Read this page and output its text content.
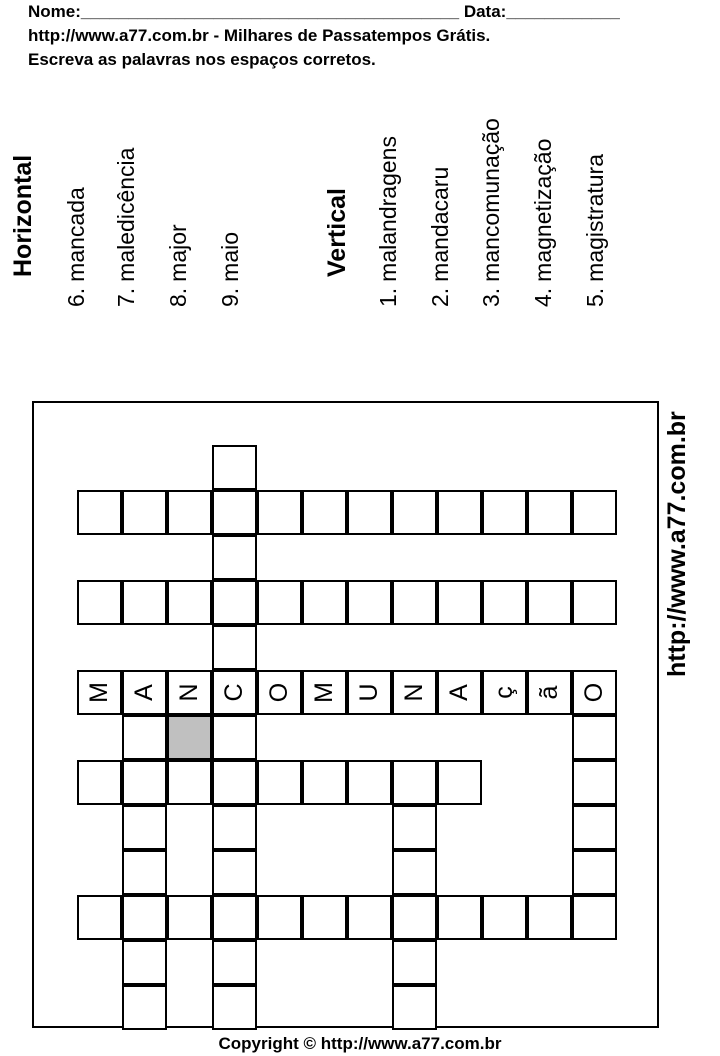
Nome:________________________________________ Data:____________
http://www.a77.com.br - Milhares de Passatempos Grátis.
Escreva as palavras nos espaços corretos.
Horizontal
6.mancada
7.maledicência
8.major
9.maio	Vertical
1.malandragens
2.mandacaru
3.mancomunação
4.magnetização
5.magistratura
http://www.a77.com.br
M A N C O M U N A ç ã O
Copyright © http://www.a77.com.br
